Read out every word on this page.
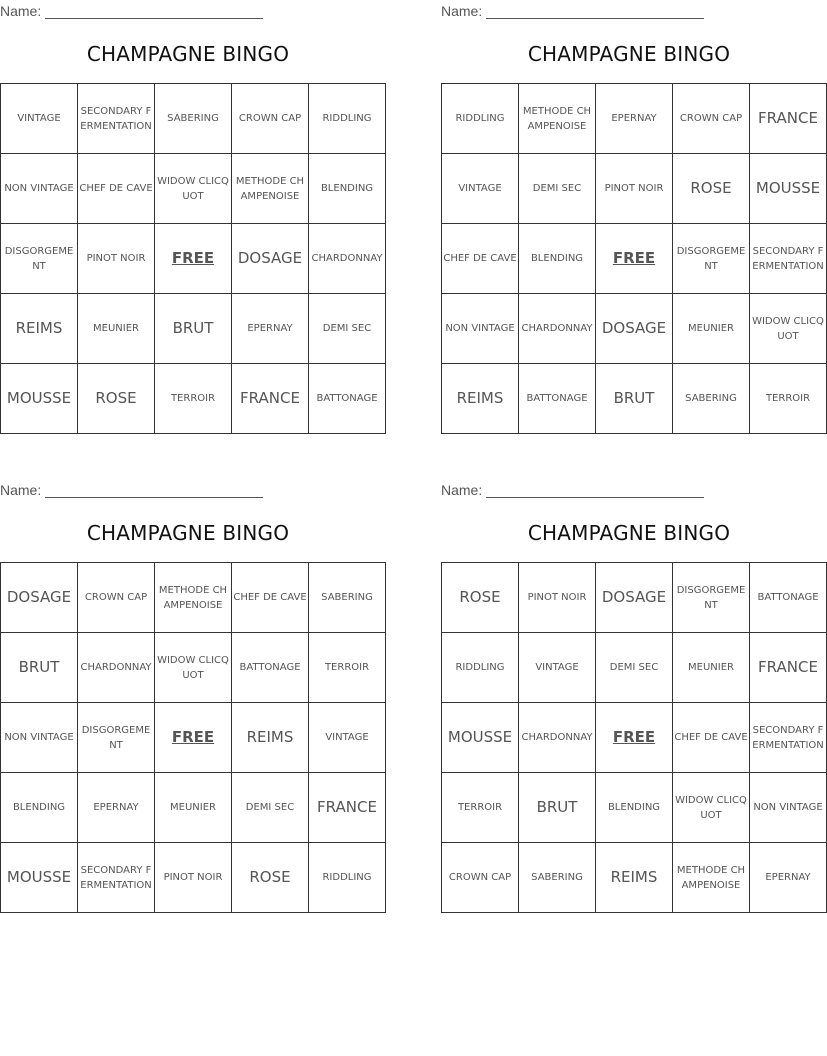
Name:
CHAMPAGNE BINGO
VINTAGE	SECONDARY FERMENTATION	SABERING	CROWN CAP	RIDDLING
NON VINTAGE	CHEF DE CAVE	WIDOW CLICQUOT	METHODE CHAMPENOISE	BLENDING
DISGORGEMENT	PINOT NOIR	FREE	DOSAGE	CHARDONNAY
REIMS	MEUNIER	BRUT	EPERNAY	DEMI SEC
MOUSSE	ROSE	TERROIR	FRANCE	BATTONAGE
Name:
CHAMPAGNE BINGO
RIDDLING	METHODE CHAMPENOISE	EPERNAY	CROWN CAP	FRANCE
VINTAGE	DEMI SEC	PINOT NOIR	ROSE	MOUSSE
CHEF DE CAVE	BLENDING	FREE	DISGORGEMENT	SECONDARY FERMENTATION
NON VINTAGE	CHARDONNAY	DOSAGE	MEUNIER	WIDOW CLICQUOT
REIMS	BATTONAGE	BRUT	SABERING	TERROIR
Name:
CHAMPAGNE BINGO
DOSAGE	CROWN CAP	METHODE CHAMPENOISE	CHEF DE CAVE	SABERING
BRUT	CHARDONNAY	WIDOW CLICQUOT	BATTONAGE	TERROIR
NON VINTAGE	DISGORGEMENT	FREE	REIMS	VINTAGE
BLENDING	EPERNAY	MEUNIER	DEMI SEC	FRANCE
MOUSSE	SECONDARY FERMENTATION	PINOT NOIR	ROSE	RIDDLING
Name:
CHAMPAGNE BINGO
ROSE	PINOT NOIR	DOSAGE	DISGORGEMENT	BATTONAGE
RIDDLING	VINTAGE	DEMI SEC	MEUNIER	FRANCE
MOUSSE	CHARDONNAY	FREE	CHEF DE CAVE	SECONDARY FERMENTATION
TERROIR	BRUT	BLENDING	WIDOW CLICQUOT	NON VINTAGE
CROWN CAP	SABERING	REIMS	METHODE CHAMPENOISE	EPERNAY
